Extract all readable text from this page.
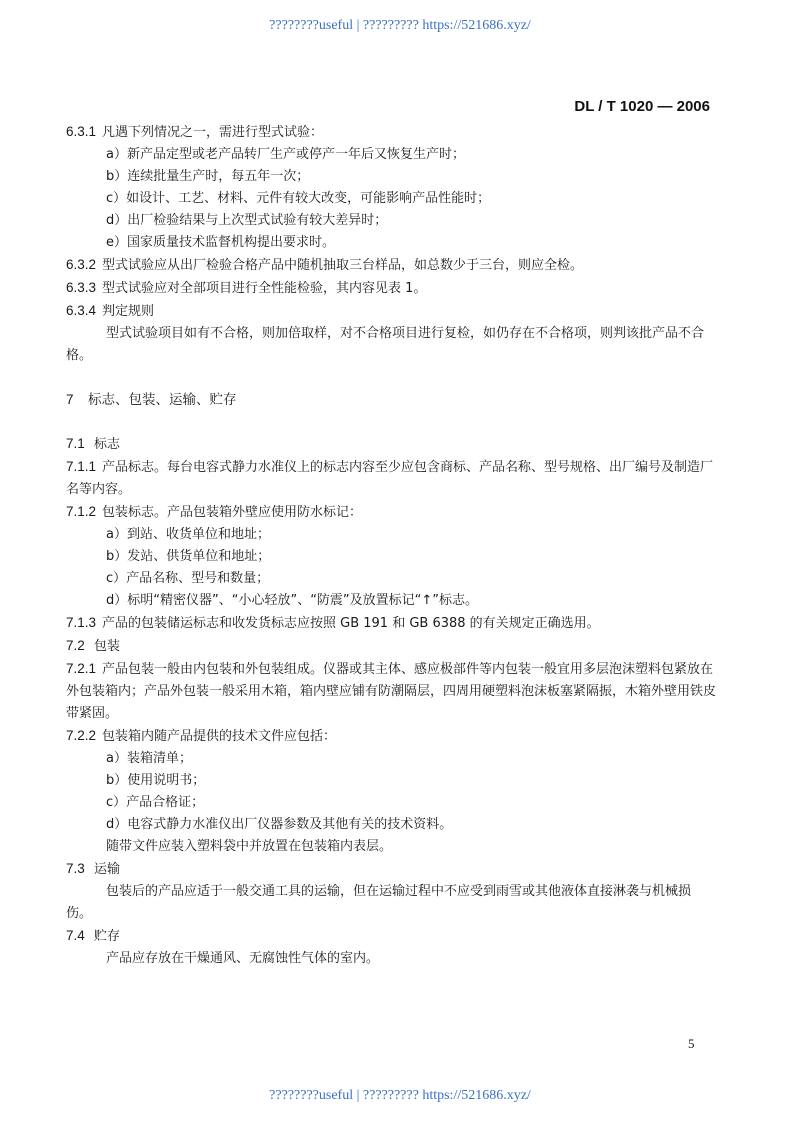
????????useful | ????????? https://521686.xyz/
DL / T 1020 — 2006
6.3.1 凡遇下列情况之一，需进行型式试验：
a）新产品定型或老产品转厂生产或停产一年后又恢复生产时；
b）连续批量生产时，每五年一次；
c）如设计、工艺、材料、元件有较大改变，可能影响产品性能时；
d）出厂检验结果与上次型式试验有较大差异时；
e）国家质量技术监督机构提出要求时。
6.3.2 型式试验应从出厂检验合格产品中随机抽取三台样品，如总数少于三台，则应全检。
6.3.3 型式试验应对全部项目进行全性能检验，其内容见表 1。
6.3.4 判定规则
型式试验项目如有不合格，则加倍取样，对不合格项目进行复检，如仍存在不合格项，则判该批产品不合格。
7 标志、包装、运输、贮存
7.1 标志
7.1.1 产品标志。每台电容式静力水准仪上的标志内容至少应包含商标、产品名称、型号规格、出厂编号及制造厂名等内容。
7.1.2 包装标志。产品包装箱外壁应使用防水标记：
a）到站、收货单位和地址；
b）发站、供货单位和地址；
c）产品名称、型号和数量；
d）标明“精密仪器”、“小心轻放”、“防震”及放置标记“↑”标志。
7.1.3 产品的包装储运标志和收发货标志应按照 GB 191 和 GB 6388 的有关规定正确选用。
7.2 包装
7.2.1 产品包装一般由内包装和外包装组成。仪器或其主体、感应极部件等内包装一般宜用多层泡沫塑料包紧放在外包装箱内；产品外包装一般采用木箱，箱内壁应铺有防潮隔层，四周用硬塑料泡沫板塞紧隔振，木箱外壁用铁皮带紧固。
7.2.2 包装箱内随产品提供的技术文件应包括：
a）装箱清单；
b）使用说明书；
c）产品合格证；
d）电容式静力水准仪出厂仪器参数及其他有关的技术资料。
随带文件应装入塑料袋中并放置在包装箱内表层。
7.3 运输
包装后的产品应适于一般交通工具的运输，但在运输过程中不应受到雨雪或其他液体直接淋袭与机械损伤。
7.4 贮存
产品应存放在干燥通风、无腐蚀性气体的室内。
5
????????useful | ????????? https://521686.xyz/
